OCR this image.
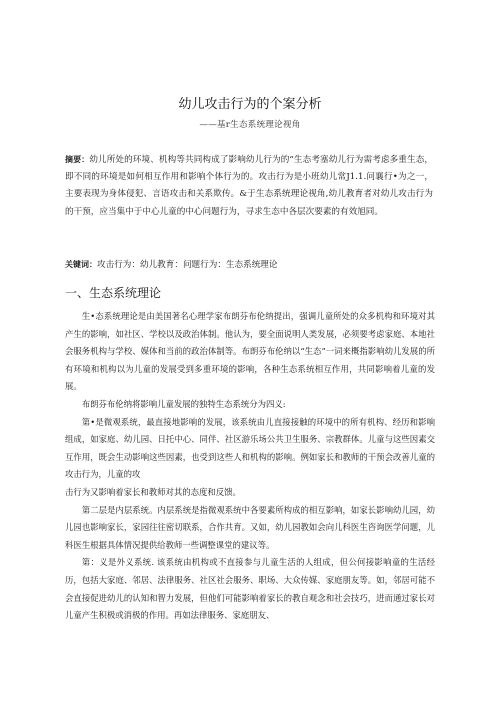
幼儿攻击行为的个案分析
——基r生态系统理论视角
摘要：幼儿所处的环境、机构等共同构成了影响幼儿行为的“生态考塞幼儿行为需考虑多重生态，即不同的环境是如何相互作用和影响个体行为的。攻击行为是小班幼儿常J1.1.问襄行•为之一，主要表现为身体侵犯、言语攻击和关系欺传。&于生态系统理论视角,幼儿教育者对幼儿攻击行为的干预，应当集中于中心儿童的中心问题行为，寻求生态中各层次要素的有效旭同。
关键词：攻击行为：幼儿教育：问题行为：生态系统理论
一、生态系统理论

生•态系统理论是由美国著名心理学家布朗芬布伦纳提出，强调儿童所处的众多机构和环境对其产生的影响，如社区、学校以及政治体制。他认为，要全面说明人类发展，必须要考虑家庭、本地社会服务机构与学校、媒体和当前的政治体制等。布朗芬布伦纳以“生态”一词来概指影响幼儿发展的所有环境和机构以为儿童的发展受到多重环境的影响，各种生态系统相互作用，共同影响着儿童的发展。

布朗芬布伦纳将影响儿童发展的独特生态系统分为四义:

第•是微观系统，最直接地影响的发展，该系统由儿直接接触的环境中的所有机构、经历和影响组成，如家庭、幼儿园、日托中心、同伴、社区游乐场公共卫生服务、宗教群体。儿童与这些因素交互作用，既会生动影响这些因素，也受到这些人和机构的影响。例如家长和教师的干预会改善儿童的攻击行为，儿童的攻

击行为又影响着家长和教师对其的态度和反馈。

第二层是内层系统。内层系统是指微观系统中各要素所构成的相互影响，如家长影响幼儿园，幼儿园也影响家长，家园往往密切联系，合作共育。又如，幼儿园教如会向儿科医生咨询医学问题，儿科医生根据具体情况提供给教师一些调整课堂的建议等。

第：义是外义系统. 该系统由机构或不直接参与儿童生活的人组成，但公何接影响童的生活经历，包括大家庭、邻居、法律服务、社区社会服务、职场、大众传媒、家庭朋友等。如，邻居可能不会直接促进幼儿的认知和智力发展，但他们可能影响着家长的教自观念和社会技巧，进而通过家长对儿童产生积极或消极的作用。再如法律服务、家庭朋友、
